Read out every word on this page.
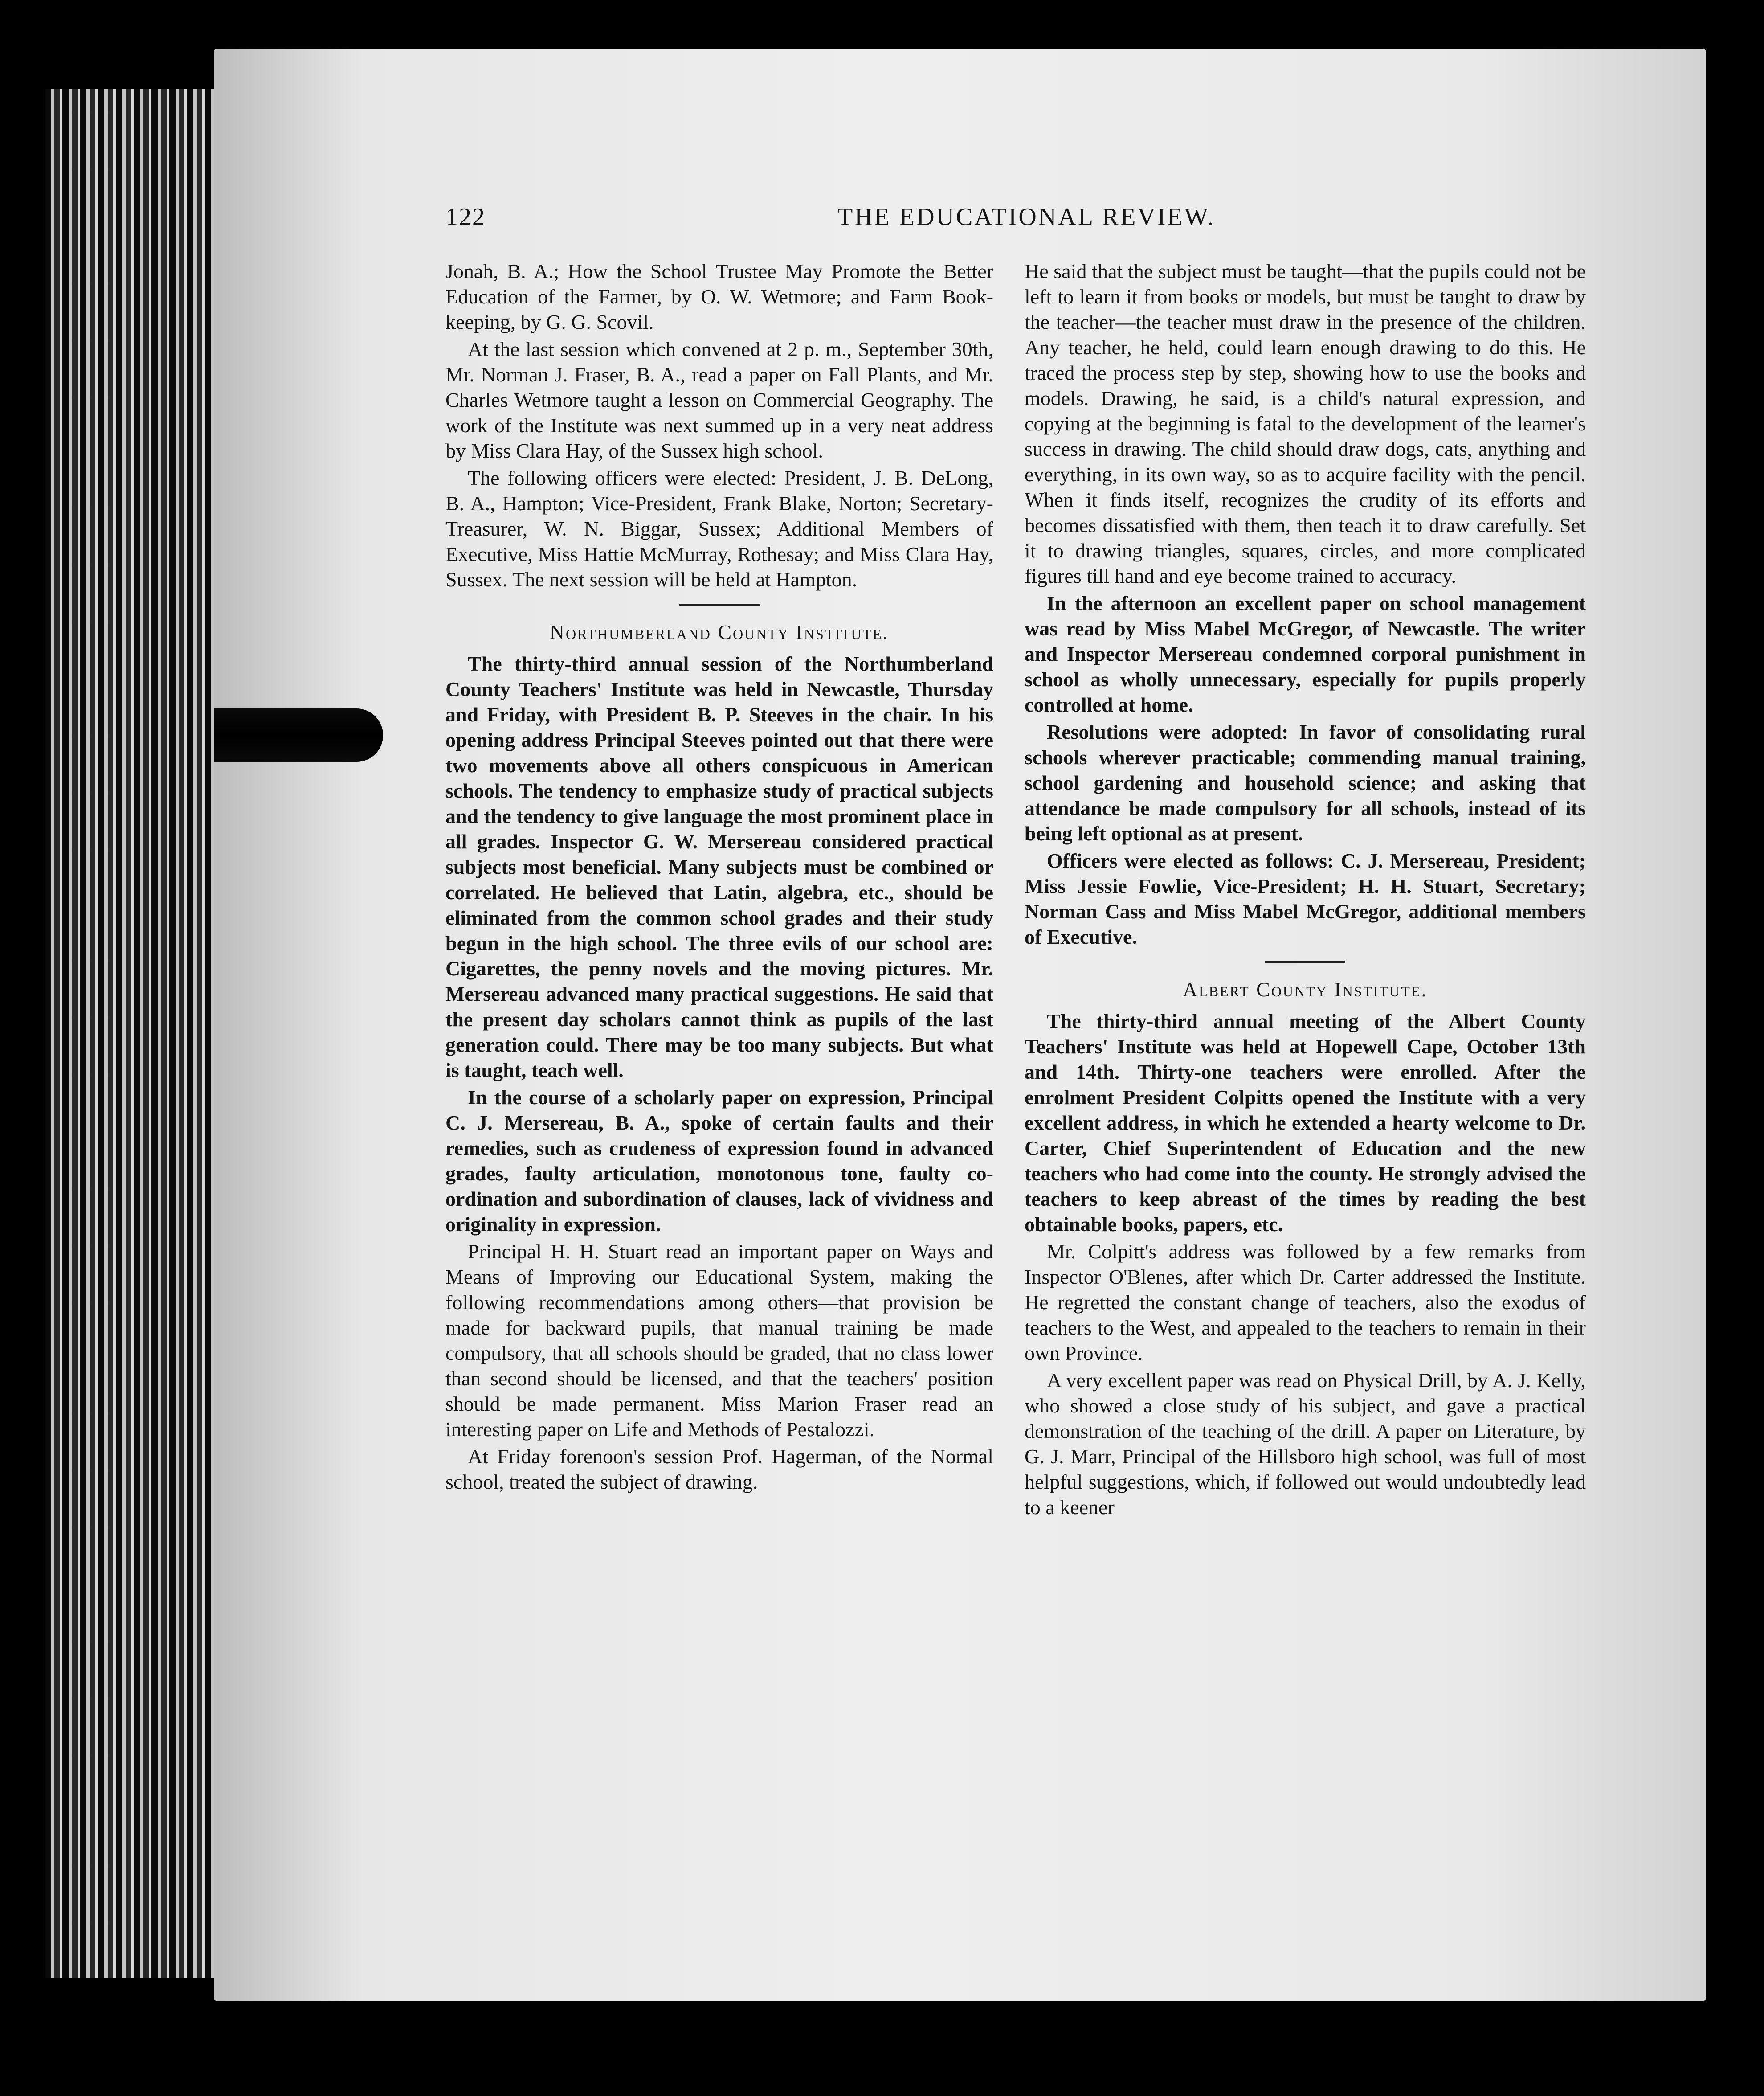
122	THE EDUCATIONAL REVIEW.

Jonah, B. A.; How the School Trustee May Promote the Better Education of the Farmer, by O. W. Wetmore; and Farm Book-keeping, by G. G. Scovil.

At the last session which convened at 2 p. m., September 30th, Mr. Norman J. Fraser, B. A., read a paper on Fall Plants, and Mr. Charles Wetmore taught a lesson on Commercial Geography. The work of the Institute was next summed up in a very neat address by Miss Clara Hay, of the Sussex high school.

The following officers were elected: President, J. B. DeLong, B. A., Hampton; Vice-President, Frank Blake, Norton; Secretary-Treasurer, W. N. Biggar, Sussex; Additional Members of Executive, Miss Hattie McMurray, Rothesay; and Miss Clara Hay, Sussex. The next session will be held at Hampton.

Northumberland County Institute.

The thirty-third annual session of the Northumberland County Teachers' Institute was held in Newcastle, Thursday and Friday, with President B. P. Steeves in the chair. In his opening address Principal Steeves pointed out that there were two movements above all others conspicuous in American schools. The tendency to emphasize study of practical subjects and the tendency to give language the most prominent place in all grades. Inspector G. W. Mersereau considered practical subjects most beneficial. Many subjects must be combined or correlated. He believed that Latin, algebra, etc., should be eliminated from the common school grades and their study begun in the high school. The three evils of our school are: Cigarettes, the penny novels and the moving pictures. Mr. Mersereau advanced many practical suggestions. He said that the present day scholars cannot think as pupils of the last generation could. There may be too many subjects. But what is taught, teach well.

In the course of a scholarly paper on expression, Principal C. J. Mersereau, B. A., spoke of certain faults and their remedies, such as crudeness of expression found in advanced grades, faulty articulation, monotonous tone, faulty co-ordination and subordination of clauses, lack of vividness and originality in expression.

Principal H. H. Stuart read an important paper on Ways and Means of Improving our Educational System, making the following recommendations among others—that provision be made for backward pupils, that manual training be made compulsory, that all schools should be graded, that no class lower than second should be licensed, and that the teachers' position should be made permanent. Miss Marion Fraser read an interesting paper on Life and Methods of Pestalozzi.

At Friday forenoon's session Prof. Hagerman, of the Normal school, treated the subject of drawing.

He said that the subject must be taught—that the pupils could not be left to learn it from books or models, but must be taught to draw by the teacher—the teacher must draw in the presence of the children. Any teacher, he held, could learn enough drawing to do this. He traced the process step by step, showing how to use the books and models. Drawing, he said, is a child's natural expression, and copying at the beginning is fatal to the development of the learner's success in drawing. The child should draw dogs, cats, anything and everything, in its own way, so as to acquire facility with the pencil. When it finds itself, recognizes the crudity of its efforts and becomes dissatisfied with them, then teach it to draw carefully. Set it to drawing triangles, squares, circles, and more complicated figures till hand and eye become trained to accuracy.

In the afternoon an excellent paper on school management was read by Miss Mabel McGregor, of Newcastle. The writer and Inspector Mersereau condemned corporal punishment in school as wholly unnecessary, especially for pupils properly controlled at home.

Resolutions were adopted: In favor of consolidating rural schools wherever practicable; commending manual training, school gardening and household science; and asking that attendance be made compulsory for all schools, instead of its being left optional as at present.

Officers were elected as follows: C. J. Mersereau, President; Miss Jessie Fowlie, Vice-President; H. H. Stuart, Secretary; Norman Cass and Miss Mabel McGregor, additional members of Executive.

Albert County Institute.

The thirty-third annual meeting of the Albert County Teachers' Institute was held at Hopewell Cape, October 13th and 14th. Thirty-one teachers were enrolled. After the enrolment President Colpitts opened the Institute with a very excellent address, in which he extended a hearty welcome to Dr. Carter, Chief Superintendent of Education and the new teachers who had come into the county. He strongly advised the teachers to keep abreast of the times by reading the best obtainable books, papers, etc.

Mr. Colpitt's address was followed by a few remarks from Inspector O'Blenes, after which Dr. Carter addressed the Institute. He regretted the constant change of teachers, also the exodus of teachers to the West, and appealed to the teachers to remain in their own Province.

A very excellent paper was read on Physical Drill, by A. J. Kelly, who showed a close study of his subject, and gave a practical demonstration of the teaching of the drill. A paper on Literature, by G. J. Marr, Principal of the Hillsboro high school, was full of most helpful suggestions, which, if followed out would undoubtedly lead to a keener
